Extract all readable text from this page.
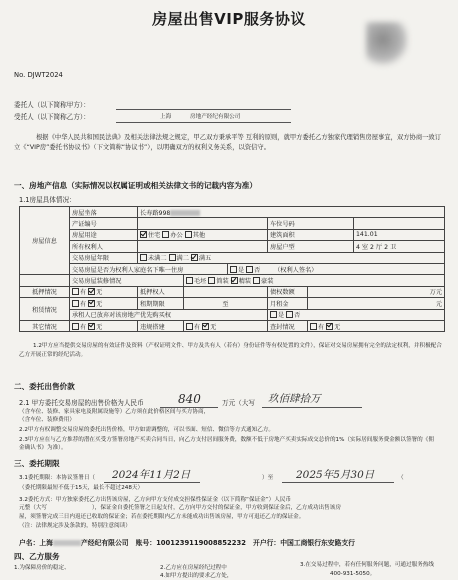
房屋出售VIP服务协议
No. DJWT2024
委托人（以下简称甲方）：
受托人（以下简称乙方）：	上海	房地产经纪有限公司
根据《中华人民共和国民法典》及相关法律法规之规定，甲乙双方秉承平等 互利的原则，就甲方委托乙方独家代理销售房屋事宜，双方协商一致订立《“VIP房”委托书协议书》（下文简称“协议书”），以明确双方的权利义务关系，以资信守。
一、房地产信息（实际情况以权属证明或相关法律文书的记载内容为准）
1.1房屋具体情况：
房屋信息	房屋坐落	长寿路998					
	产证编号				车位号码		
	房屋用途	住宅 办公 其他			建筑面积		141.01
	所有权利人				房屋户型		4 室 2 厅 2 卫
	交易房屋年限	未满二 满二 满五					
	交易房屋是否为权利人家庭名下唯一住房			是 否 （权利人签名）			
	交易房屋装修情况		毛坯 简装 精装 豪装				
抵押情况	有 无	抵押权人			债权数额	万元	
租赁情况	有 无	租期期限	至		月租金	元	
	承租人已放弃对该房地产优先购买权				是 否		
其它情况	有 无	违规搭建	有 无		查封情况	有 无	
1.2甲方应当提供交易房屋的有效证件及资料（产权证明文件、甲方及共有人（若有）身份证件等有权处置的文件），保证对交易房屋拥有完全的法定权利，并积极配合乙方开展正常的经纪活动。
二、委托出售价款
2.1 甲方委托交易房屋的出售价格为人民币	840	万元（大写 玖佰肆拾万
（含车位、装修、家具家电及附属设施等）乙方须在此价格区间与买方协商，
（含车位、装修费用）
2.2甲方有权调整交易房屋的委托出售价格，甲方如需调整的，可以书面、短信、微信等方式通知乙方。
2.3甲方应在与乙方推荐的潜在买受方签署房地产买卖合同当日，向乙方支付居间服务费，数额不低于房地产买卖实际成交总价的1%（实际居间服务费金额以签署的《佣金确认书》为准）。
三、委托期限
3.1委托期限：本协议签署日（ 2024年11月2日	）至 2025年5月30日	（
（委托期限最短不低于15天，最长不超过248天）
3.2委托方式：甲方独家委托乙方出售该房屋，乙方向甲方支付成交担保性保证金（以下简称“保证金”）人民币
元整（大写	），保证金自委托签署之日起支付，乙方向甲方交付的保证金，甲方收到保证金后，乙方成功出售该房
屋，须签署完成三日内返还已收取的保证金；若在委托期限内乙方未能成功出售该房屋，甲方可退还乙方的保证金。
（注：法律规定涉及条款的，特别注意阅读）
户名：上海	产经纪有限公司 账号：1001239119008852232 开户行：中国工商银行东安路支行
四、乙方服务
1.为保障房价的稳定、	2.乙方应在房屋经纪过程中	3.在交易过程中，若有任何服务问题，可通过服务热线
4.如甲方提出的要求乙方处，	400-931-5050。
